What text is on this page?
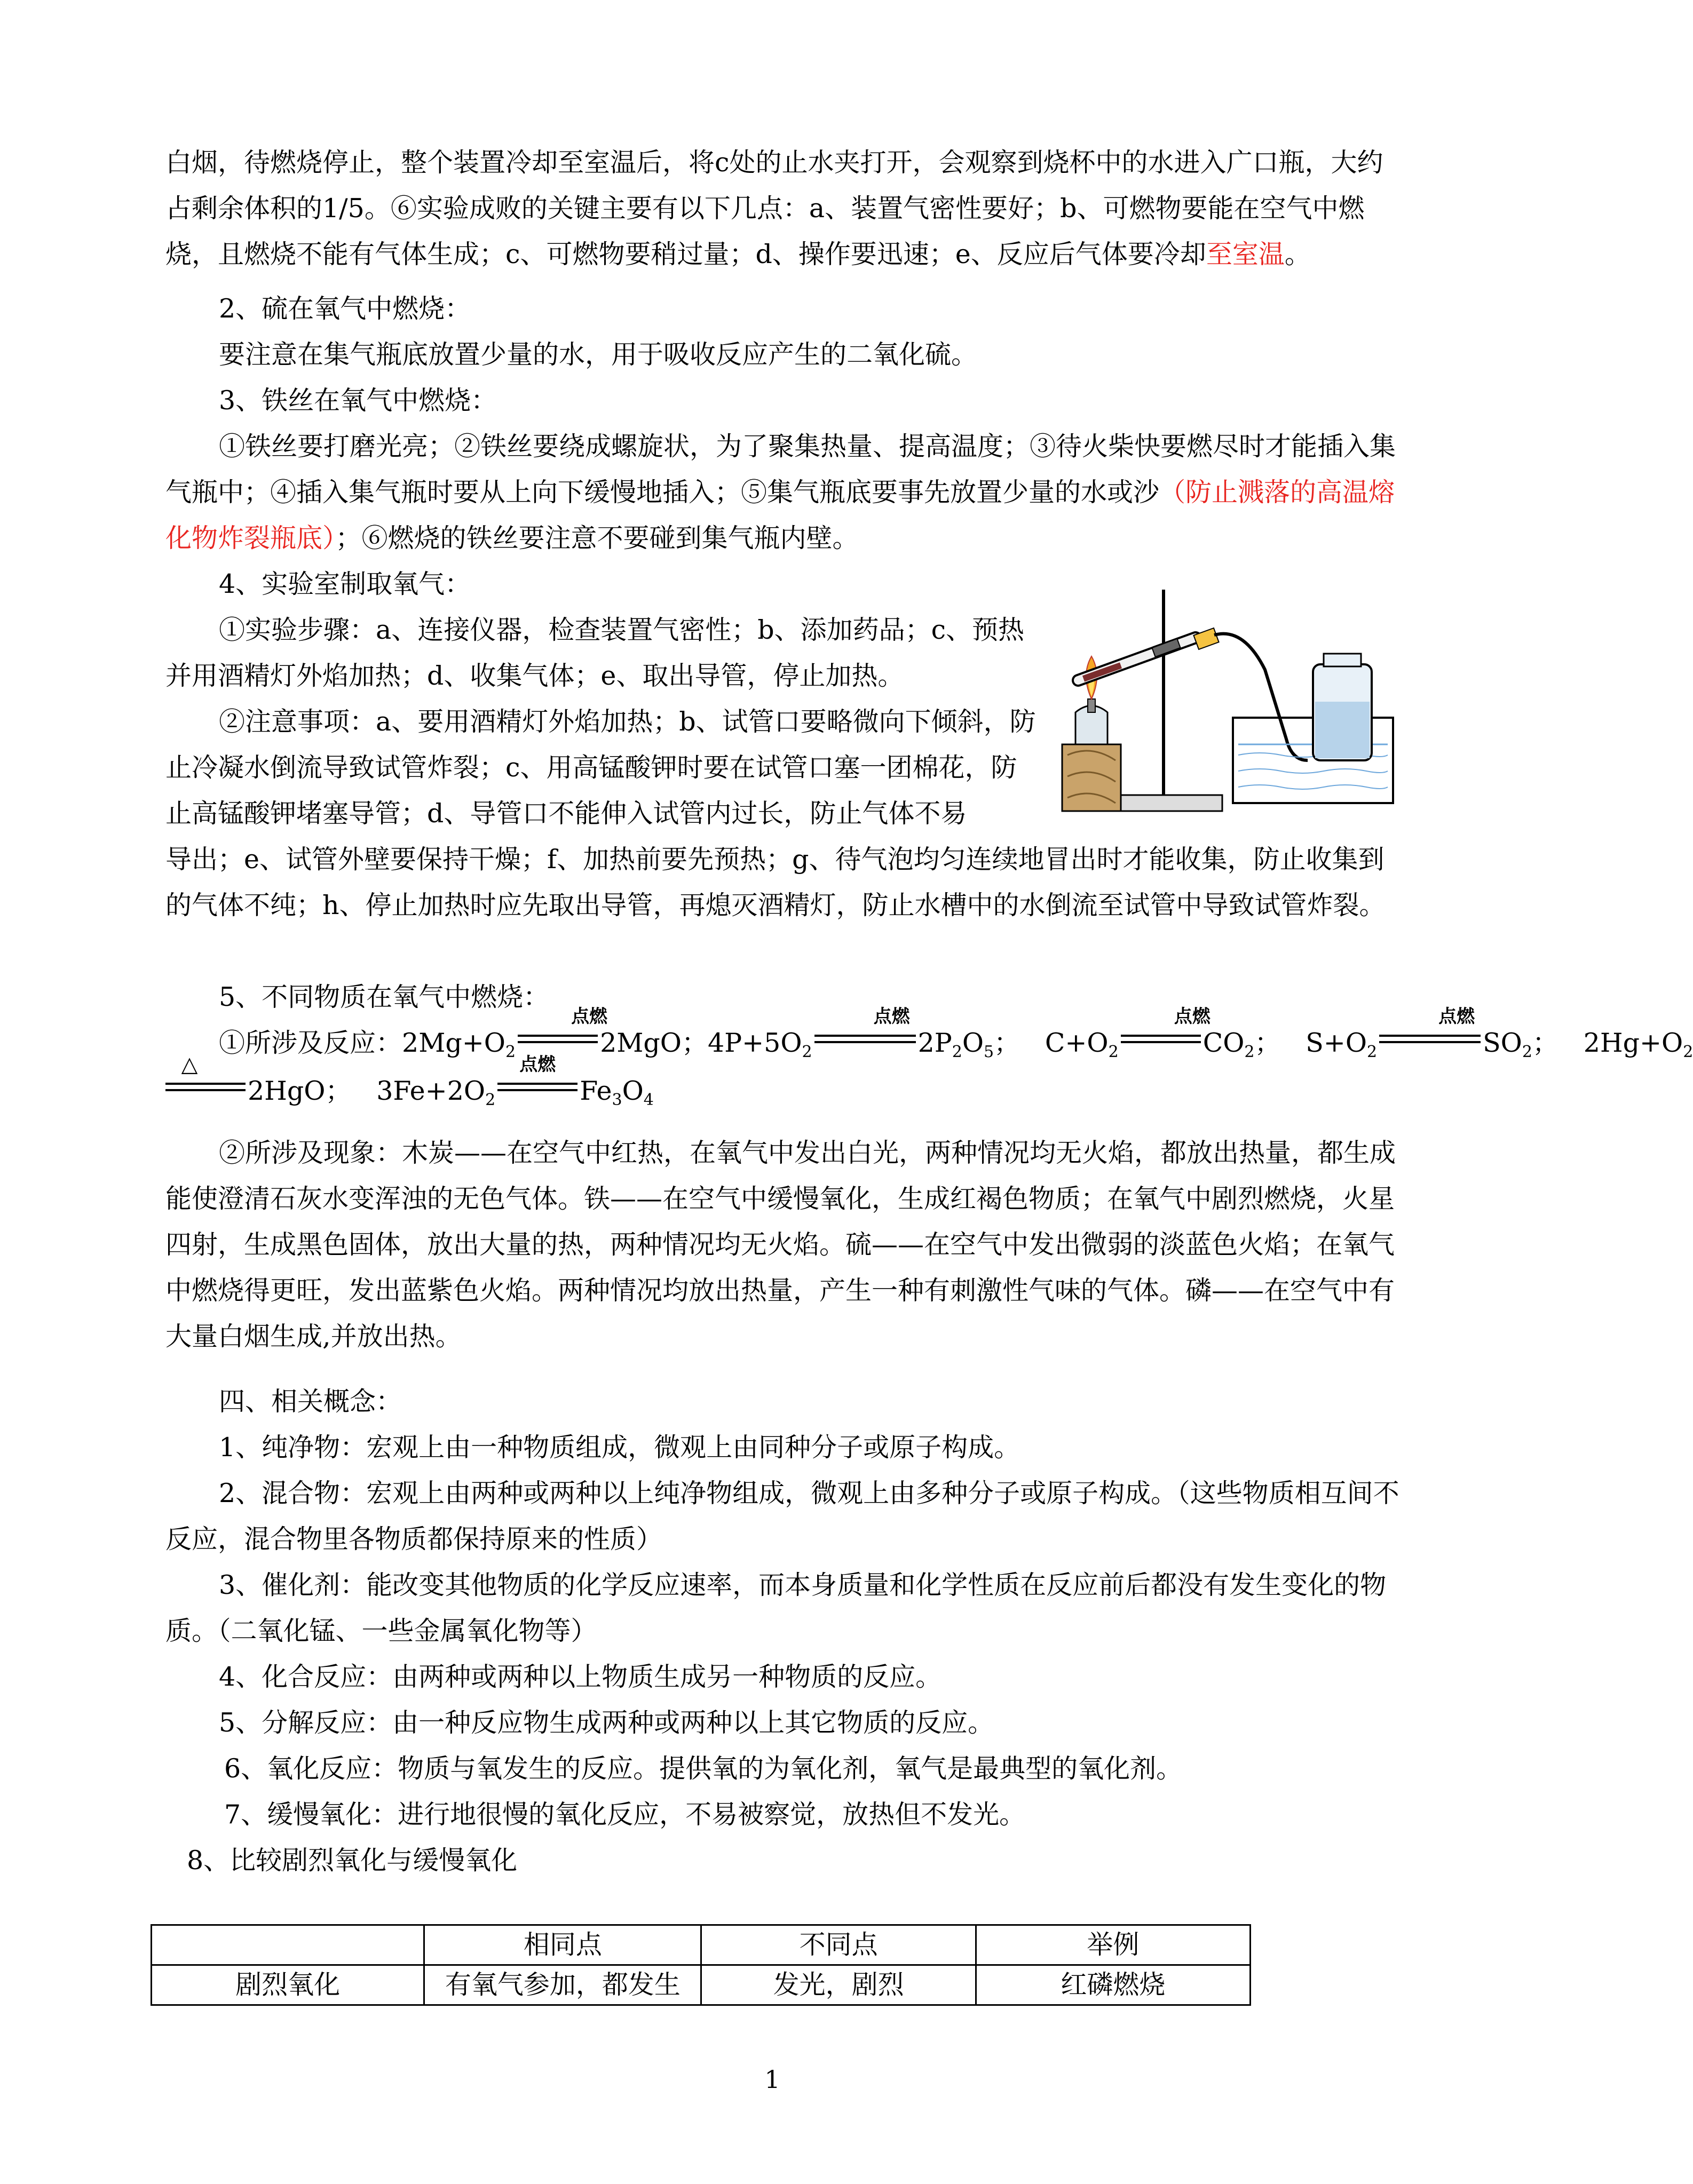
白烟，待燃烧停止，整个装置冷却至室温后，将c处的止水夹打开，会观察到烧杯中的水进入广口瓶，大约占剩余体积的1/5。⑥实验成败的关键主要有以下几点：a、装置气密性要好；b、可燃物要能在空气中燃烧，且燃烧不能有气体生成；c、可燃物要稍过量；d、操作要迅速；e、反应后气体要冷却至室温。

2、硫在氧气中燃烧：

要注意在集气瓶底放置少量的水，用于吸收反应产生的二氧化硫。

3、铁丝在氧气中燃烧：

①铁丝要打磨光亮；②铁丝要绕成螺旋状，为了聚集热量、提高温度；③待火柴快要燃尽时才能插入集气瓶中；④插入集气瓶时要从上向下缓慢地插入；⑤集气瓶底要事先放置少量的水或沙（防止溅落的高温熔化物炸裂瓶底）；⑥燃烧的铁丝要注意不要碰到集气瓶内壁。

4、实验室制取氧气：

①实验步骤：a、连接仪器，检查装置气密性；b、添加药品；c、预热并用酒精灯外焰加热；d、收集气体；e、取出导管，停止加热。

②注意事项：a、要用酒精灯外焰加热；b、试管口要略微向下倾斜，防止冷凝水倒流导致试管炸裂；c、用高锰酸钾时要在试管口塞一团棉花，防止高锰酸钾堵塞导管；d、导管口不能伸入试管内过长，防止气体不易

导出；e、试管外壁要保持干燥；f、加热前要先预热；g、待气泡均匀连续地冒出时才能收集，防止收集到的气体不纯；h、停止加热时应先取出导管，再熄灭酒精灯，防止水槽中的水倒流至试管中导致试管炸裂。

5、不同物质在氧气中燃烧：

①所涉及反应：$2Mg+O_2$
点燃
2MgO；$4P+5O_2$
点燃
$2P_2O_5$； $C+O_2$
点燃
$CO_2$； $S+O_2$
点燃
$SO_2$； $2Hg+O_2$
△
2HgO； $3Fe+2O_2$
点燃
$Fe_3O_4$

②所涉及现象：木炭——在空气中红热，在氧气中发出白光，两种情况均无火焰，都放出热量，都生成能使澄清石灰水变浑浊的无色气体。铁——在空气中缓慢氧化，生成红褐色物质；在氧气中剧烈燃烧，火星四射，生成黑色固体，放出大量的热，两种情况均无火焰。硫——在空气中发出微弱的淡蓝色火焰；在氧气中燃烧得更旺，发出蓝紫色火焰。两种情况均放出热量，产生一种有刺激性气味的气体。磷——在空气中有大量白烟生成,并放出热。

四、相关概念：

1、纯净物：宏观上由一种物质组成，微观上由同种分子或原子构成。

2、混合物：宏观上由两种或两种以上纯净物组成，微观上由多种分子或原子构成。（这些物质相互间不反应，混合物里各物质都保持原来的性质）

3、催化剂：能改变其他物质的化学反应速率，而本身质量和化学性质在反应前后都没有发生变化的物质。（二氧化锰、一些金属氧化物等）

4、化合反应：由两种或两种以上物质生成另一种物质的反应。

5、分解反应：由一种反应物生成两种或两种以上其它物质的反应。

6、氧化反应：物质与氧发生的反应。提供氧的为氧化剂，氧气是最典型的氧化剂。

7、缓慢氧化：进行地很慢的氧化反应，不易被察觉，放热但不发光。

8、比较剧烈氧化与缓慢氧化

	相同点	不同点	举例
剧烈氧化	有氧气参加，都发生	发光，剧烈	红磷燃烧
1
